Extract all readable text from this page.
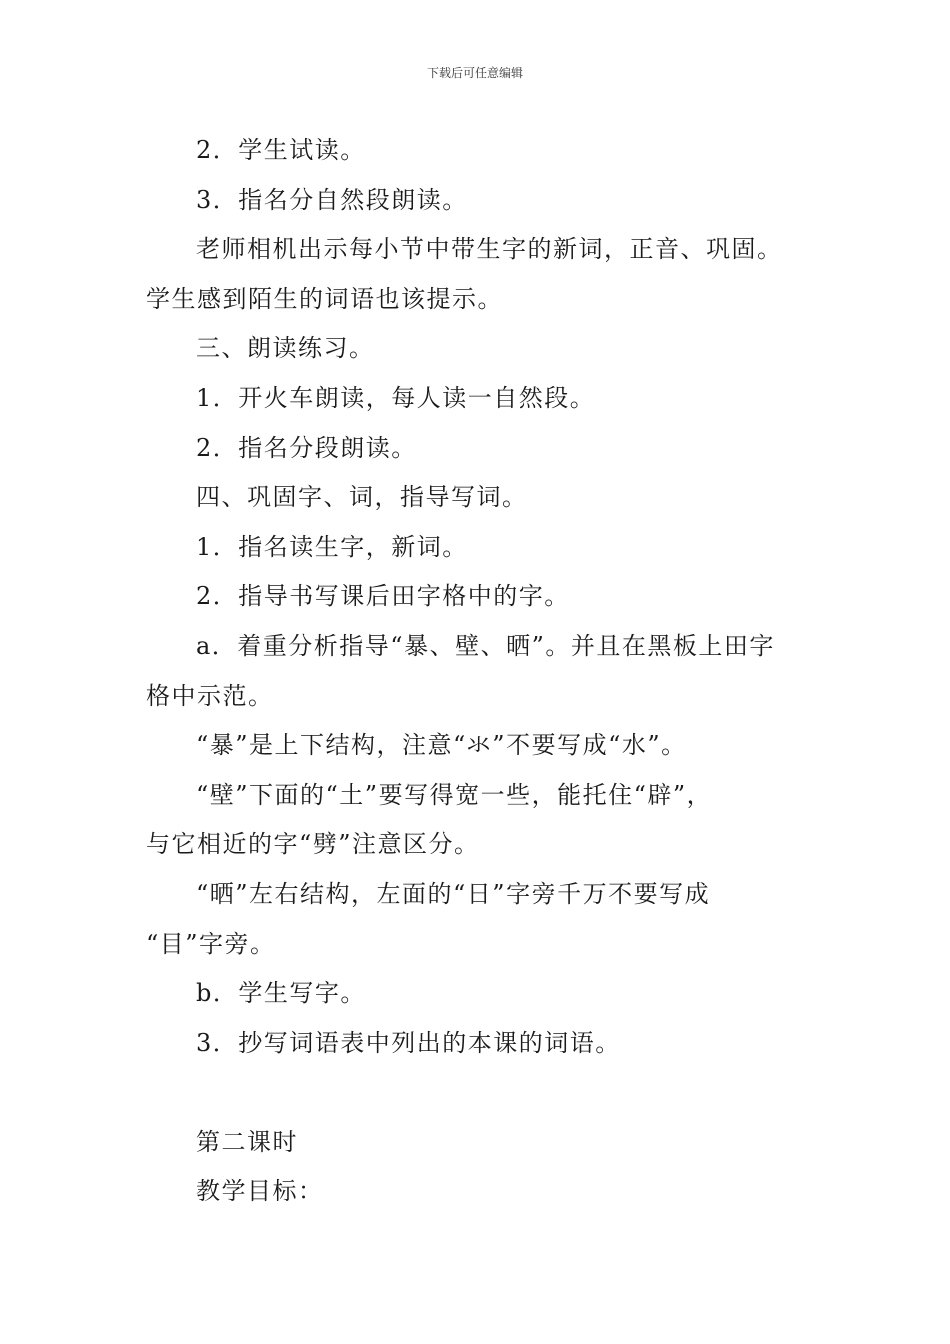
下载后可任意编辑

2．学生试读。

3．指名分自然段朗读。

老师相机出示每小节中带生字的新词，正音、巩固。

学生感到陌生的词语也该提示。

三、朗读练习。

1．开火车朗读，每人读一自然段。

2．指名分段朗读。

四、巩固字、词，指导写词。

1．指名读生字，新词。

2．指导书写课后田字格中的字。

a．着重分析指导“暴、壁、晒”。并且在黑板上田字

格中示范。

“暴”是上下结构，注意“氺”不要写成“水”。

“壁”下面的“土”要写得宽一些，能托住“辟”，

与它相近的字“劈”注意区分。

“晒”左右结构，左面的“日”字旁千万不要写成

“目”字旁。

b．学生写字。

3．抄写词语表中列出的本课的词语。

第二课时

教学目标：
